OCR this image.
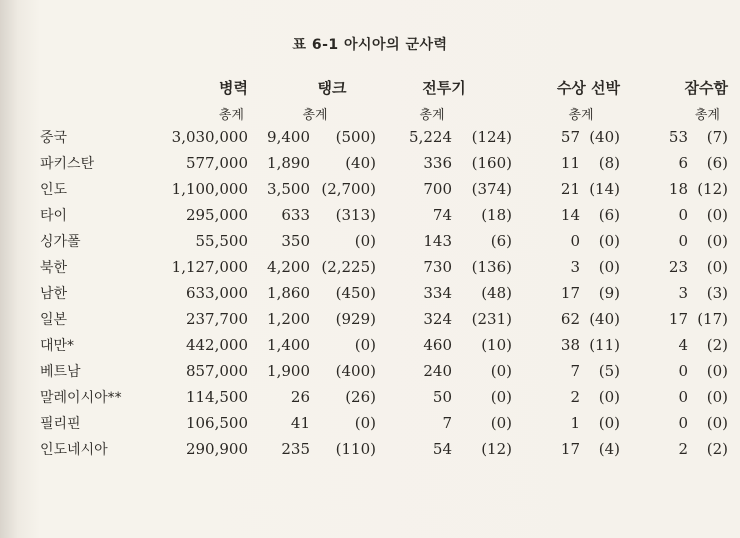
표 6-1 아시아의 군사력
	병력	탱크		전투기		수상 선박		잠수함	
	총계	총계		총계		총계		총계	
중국	3,030,000	9,400	(500)	5,224	(124)	57	(40)	53	(7)
파키스탄	577,000	1,890	(40)	336	(160)	11	(8)	6	(6)
인도	1,100,000	3,500	(2,700)	700	(374)	21	(14)	18	(12)
타이	295,000	633	(313)	74	(18)	14	(6)	0	(0)
싱가폴	55,500	350	(0)	143	(6)	0	(0)	0	(0)
북한	1,127,000	4,200	(2,225)	730	(136)	3	(0)	23	(0)
남한	633,000	1,860	(450)	334	(48)	17	(9)	3	(3)
일본	237,700	1,200	(929)	324	(231)	62	(40)	17	(17)
대만*	442,000	1,400	(0)	460	(10)	38	(11)	4	(2)
베트남	857,000	1,900	(400)	240	(0)	7	(5)	0	(0)
말레이시아**	114,500	26	(26)	50	(0)	2	(0)	0	(0)
필리핀	106,500	41	(0)	7	(0)	1	(0)	0	(0)
인도네시아	290,900	235	(110)	54	(12)	17	(4)	2	(2)
